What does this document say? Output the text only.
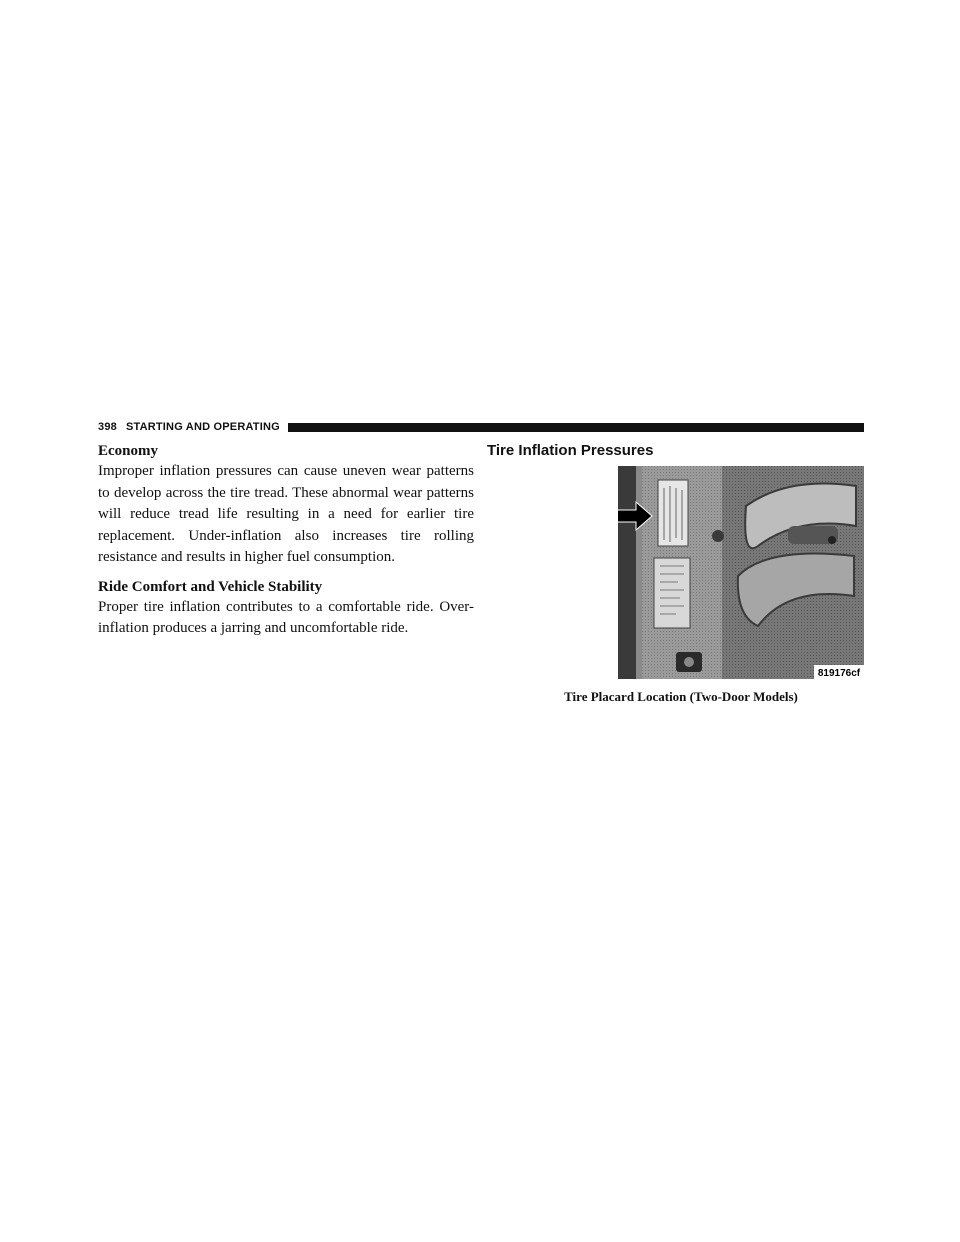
398 STARTING AND OPERATING
Economy

Improper inflation pressures can cause uneven wear patterns to develop across the tire tread. These abnormal wear patterns will reduce tread life resulting in a need for earlier tire replacement. Under-inflation also increases tire rolling resistance and results in higher fuel consumption.

Ride Comfort and Vehicle Stability

Proper tire inflation contributes to a comfortable ride. Over-inflation produces a jarring and uncomfortable ride.

Tire Inflation Pressures
819176cf
Tire Placard Location (Two-Door Models)
